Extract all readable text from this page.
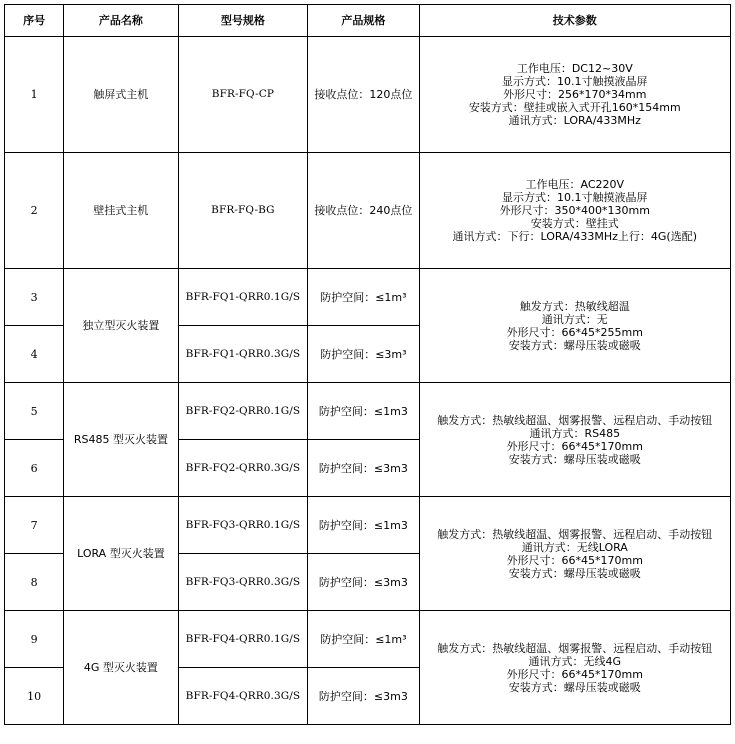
序号	产品名称	型号规格	产品规格	技术参数
1	触屏式主机	BFR-FQ-CP	接收点位：120点位	工作电压：DC12~30V
显示方式：10.1寸触摸液晶屏
外形尺寸：256*170*34mm
安装方式：壁挂或嵌入式开孔160*154mm
通讯方式：LORA/433MHz

2	壁挂式主机	BFR-FQ-BG	接收点位：240点位	工作电压：AC220V
显示方式：10.1寸触摸液晶屏
外形尺寸：350*400*130mm
安装方式：壁挂式
通讯方式：下行：LORA/433MHz上行：4G(选配)

3	独立型灭火装置	BFR-FQ1-QRR0.1G/S	防护空间：≤1m³	触发方式：热敏线超温
通讯方式：无
外形尺寸：66*45*255mm
安装方式：螺母压装或磁吸

4		BFR-FQ1-QRR0.3G/S	防护空间：≤3m³	
5	RS485 型灭火装置	BFR-FQ2-QRR0.1G/S	防护空间：≤1m3	触发方式：热敏线超温、烟雾报警、远程启动、手动按钮
通讯方式：RS485
外形尺寸：66*45*170mm
安装方式：螺母压装或磁吸

6		BFR-FQ2-QRR0.3G/S	防护空间：≤3m3	
7	LORA 型灭火装置	BFR-FQ3-QRR0.1G/S	防护空间：≤1m3	触发方式：热敏线超温、烟雾报警、远程启动、手动按钮
通讯方式：无线LORA
外形尺寸：66*45*170mm
安装方式：螺母压装或磁吸

8		BFR-FQ3-QRR0.3G/S	防护空间：≤3m3	
9	4G 型灭火装置	BFR-FQ4-QRR0.1G/S	防护空间：≤1m³	触发方式：热敏线超温、烟雾报警、远程启动、手动按钮
通讯方式：无线4G
外形尺寸：66*45*170mm
安装方式：螺母压装或磁吸

10		BFR-FQ4-QRR0.3G/S	防护空间：≤3m3	
